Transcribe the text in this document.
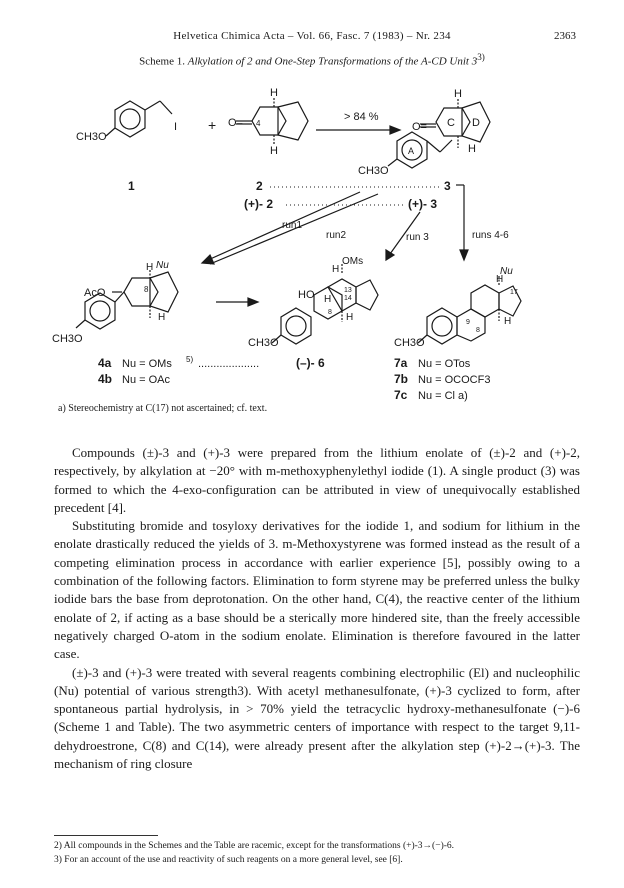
Helvetica Chimica Acta – Vol. 66, Fasc. 7 (1983) – Nr. 234	2363
Scheme 1. Alkylation of 2 and One-Step Transformations of the A-CD Unit 3$^{3)}$
CH3O
I + O=
H
H
4
> 84 %
O= C D
H
H
A
CH3O
1	2	3
(+)- 2	(+)- 3
run1
run2	run 3	runs 4-6
H Nu
AcO	8
H
CH3O
H
OMs
HO H
13
14
8 H
CH3O
H
Nu
17
9
8
H
CH3O
4a Nu = OMs 5) ....................	(–)- 6
4b Nu = OAc
7a Nu = OTos
7b Nu = OCOCF3
7c Nu = Cl a)
a) Stereochemistry at C(17) not ascertained; cf. text.

Compounds (±)-3 and (+)-3 were prepared from the lithium enolate of (±)-2 and (+)-2, respectively, by alkylation at −20° with m-methoxyphenylethyl iodide (1). A single product (3) was formed to which the 4-exo-configuration can be attributed in view of unequivocally established precedent [4].

Substituting bromide and tosyloxy derivatives for the iodide 1, and sodium for lithium in the enolate drastically reduced the yields of 3. m-Methoxystyrene was formed instead as the result of a competing elimination process in accordance with earlier experience [5], possibly owing to a combination of the following factors. Elimination to form styrene may be preferred unless the bulky iodide bars the base from deprotonation. On the other hand, C(4), the reactive center of the lithium enolate of 2, if acting as a base should be a sterically more hindered site, than the freely accessible negatively charged O-atom in the sodium enolate. Elimination is therefore favoured in the latter case.

(±)-3 and (+)-3 were treated with several reagents combining electrophilic (El) and nucleophilic (Nu) potential of various strength3). With acetyl methanesulfonate, (+)-3 cyclized to form, after spontaneous partial hydrolysis, in > 70% yield the tetracyclic hydroxy-methanesulfonate (−)-6 (Scheme 1 and Table). The two asymmetric centers of importance with respect to the target 9,11-dehydroestrone, C(8) and C(14), were already present after the alkylation step (+)-2→(+)-3. The mechanism of ring closure

2) All compounds in the Schemes and the Table are racemic, except for the transformations (+)-3→(−)-6.
3) For an account of the use and reactivity of such reagents on a more general level, see [6].
